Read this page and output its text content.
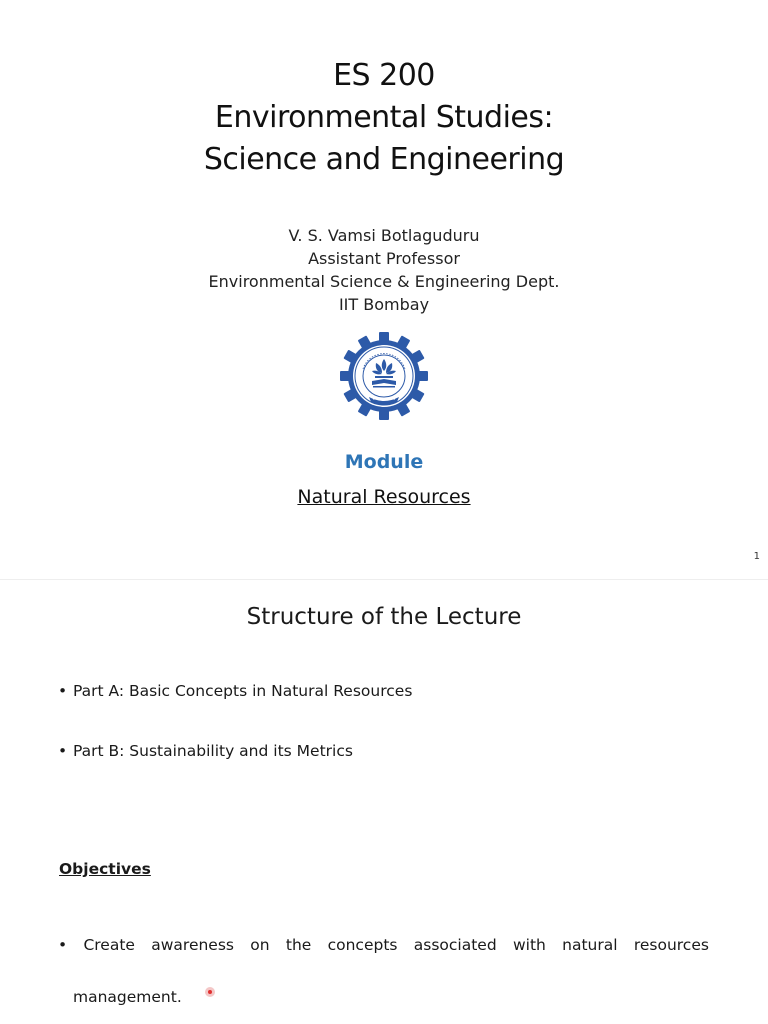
ES 200
Environmental Studies:
Science and Engineering
V. S. Vamsi Botlaguduru
Assistant Professor
Environmental Science & Engineering Dept.
IIT Bombay
Module
Natural Resources
1
Structure of the Lecture
• Part A: Basic Concepts in Natural Resources
• Part B: Sustainability and its Metrics
Objectives
• Create awareness on the concepts associated with natural resources
management.
